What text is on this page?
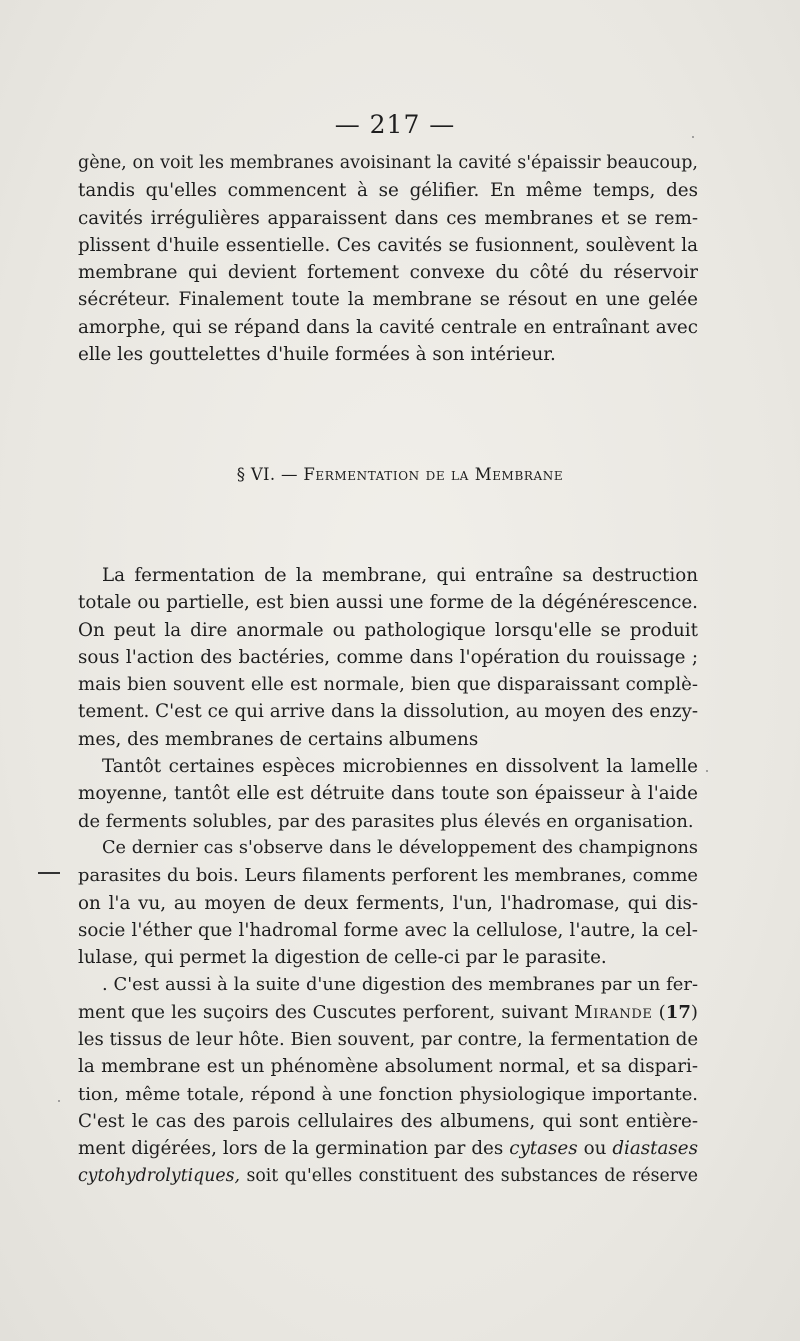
— 217 —
gène, on voit les membranes avoisinant la cavité s'épaissir beaucoup,
tandis qu'elles commencent à se gélifier. En même temps, des
cavités irrégulières apparaissent dans ces membranes et se rem-
plissent d'huile essentielle. Ces cavités se fusionnent, soulèvent la
membrane qui devient fortement convexe du côté du réservoir
sécréteur. Finalement toute la membrane se résout en une gelée
amorphe, qui se répand dans la cavité centrale en entraînant avec
elle les gouttelettes d'huile formées à son intérieur.
§ VI. — Fermentation de la Membrane
La fermentation de la membrane, qui entraîne sa destruction
totale ou partielle, est bien aussi une forme de la dégénérescence.
On peut la dire anormale ou pathologique lorsqu'elle se produit
sous l'action des bactéries, comme dans l'opération du rouissage ;
mais bien souvent elle est normale, bien que disparaissant complè-
tement. C'est ce qui arrive dans la dissolution, au moyen des enzy-
mes, des membranes de certains albumens
Tantôt certaines espèces microbiennes en dissolvent la lamelle
moyenne, tantôt elle est détruite dans toute son épaisseur à l'aide
de ferments solubles, par des parasites plus élevés en organisation.
Ce dernier cas s'observe dans le développement des champignons
parasites du bois. Leurs filaments perforent les membranes, comme
on l'a vu, au moyen de deux ferments, l'un, l'hadromase, qui dis-
socie l'éther que l'hadromal forme avec la cellulose, l'autre, la cel-
lulase, qui permet la digestion de celle-ci par le parasite.
. C'est aussi à la suite d'une digestion des membranes par un fer-
ment que les suçoirs des Cuscutes perforent, suivant Mirande (17)
les tissus de leur hôte. Bien souvent, par contre, la fermentation de
la membrane est un phénomène absolument normal, et sa dispari-
tion, même totale, répond à une fonction physiologique importante.
C'est le cas des parois cellulaires des albumens, qui sont entière-
ment digérées, lors de la germination par des cytases ou diastases
cytohydrolytiques, soit qu'elles constituent des substances de réserve
